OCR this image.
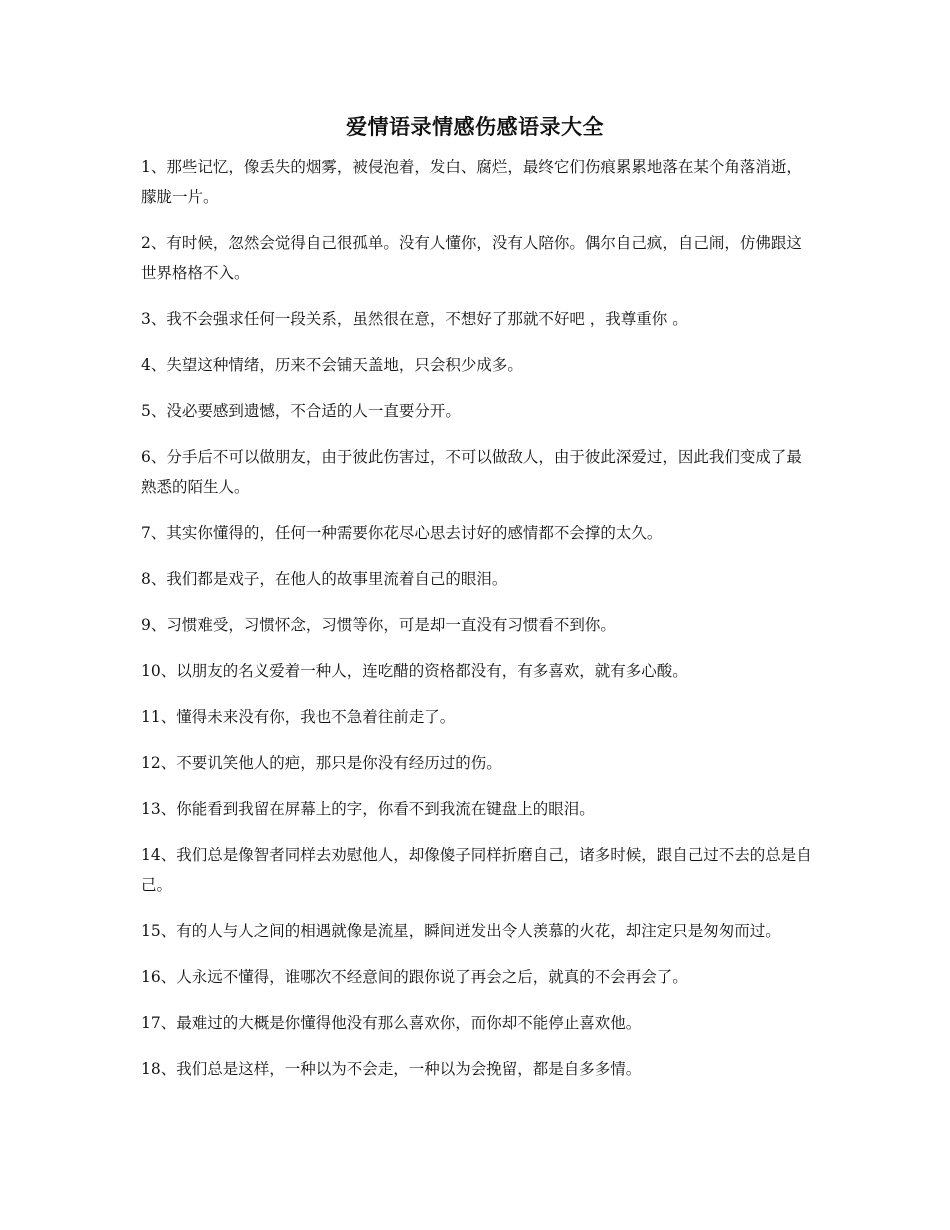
爱情语录情感伤感语录大全
1、那些记忆，像丢失的烟雾，被侵泡着，发白、腐烂，最终它们伤痕累累地落在某个角落消逝，朦胧一片。
2、有时候，忽然会觉得自己很孤单。没有人懂你，没有人陪你。偶尔自己疯，自己闹，仿佛跟这世界格格不入。
3、我不会强求任何一段关系，虽然很在意，不想好了那就不好吧 ，我尊重你 。
4、失望这种情绪，历来不会铺天盖地，只会积少成多。
5、没必要感到遗憾，不合适的人一直要分开。
6、分手后不可以做朋友，由于彼此伤害过，不可以做敌人，由于彼此深爱过，因此我们变成了最熟悉的陌生人。
7、其实你懂得的，任何一种需要你花尽心思去讨好的感情都不会撑的太久。
8、我们都是戏子，在他人的故事里流着自己的眼泪。
9、习惯难受，习惯怀念，习惯等你，可是却一直没有习惯看不到你。
10、以朋友的名义爱着一种人，连吃醋的资格都没有，有多喜欢，就有多心酸。
11、懂得未来没有你，我也不急着往前走了。
12、不要讥笑他人的疤，那只是你没有经历过的伤。
13、你能看到我留在屏幕上的字，你看不到我流在键盘上的眼泪。
14、我们总是像智者同样去劝慰他人，却像傻子同样折磨自己，诸多时候，跟自己过不去的总是自己。
15、有的人与人之间的相遇就像是流星，瞬间迸发出令人羡慕的火花，却注定只是匆匆而过。
16、人永远不懂得，谁哪次不经意间的跟你说了再会之后，就真的不会再会了。
17、最难过的大概是你懂得他没有那么喜欢你，而你却不能停止喜欢他。
18、我们总是这样，一种以为不会走，一种以为会挽留，都是自多多情。
